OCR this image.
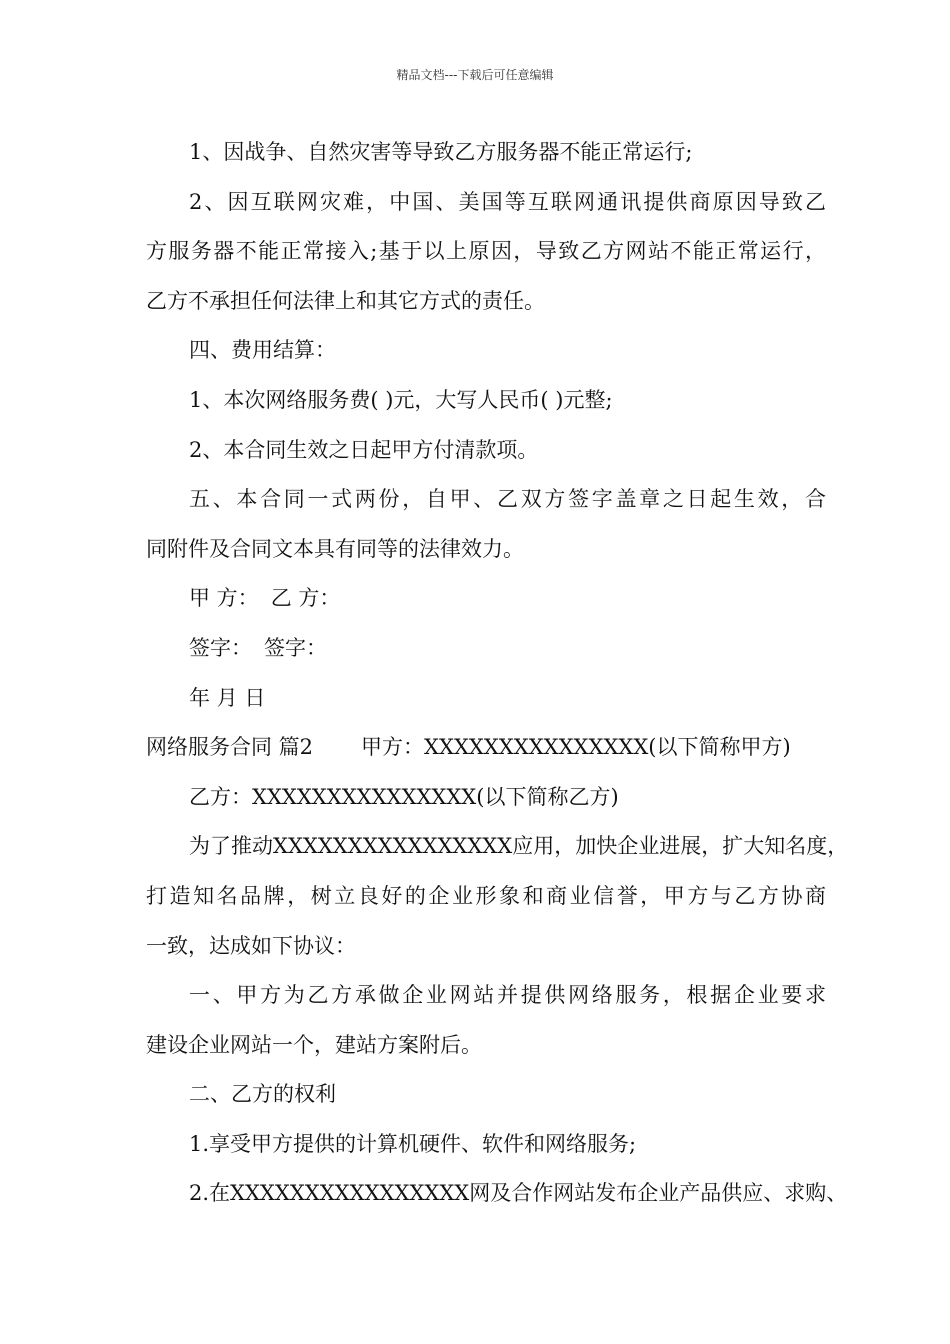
精品文档---下载后可任意编辑
1、因战争、自然灾害等导致乙方服务器不能正常运行;
2、因互联网灾难，中国、美国等互联网通讯提供商原因导致乙
方服务器不能正常接入;基于以上原因，导致乙方网站不能正常运行，
乙方不承担任何法律上和其它方式的责任。
四、费用结算：
1、本次网络服务费( )元，大写人民币( )元整;
2、本合同生效之日起甲方付清款项。
五、本合同一式两份，自甲、乙双方签字盖章之日起生效，合
同附件及合同文本具有同等的法律效力。
甲 方： 乙 方：
签字： 签字：
年 月 日
网络服务合同 篇2 甲方：XXXXXXXXXXXXXXX(以下简称甲方)
乙方：XXXXXXXXXXXXXXX(以下简称乙方)
为了推动XXXXXXXXXXXXXXXX应用，加快企业进展，扩大知名度，
打造知名品牌，树立良好的企业形象和商业信誉，甲方与乙方协商
一致，达成如下协议：
一、甲方为乙方承做企业网站并提供网络服务，根据企业要求
建设企业网站一个，建站方案附后。
二、乙方的权利
1.享受甲方提供的计算机硬件、软件和网络服务;
2.在XXXXXXXXXXXXXXXX网及合作网站发布企业产品供应、求购、
